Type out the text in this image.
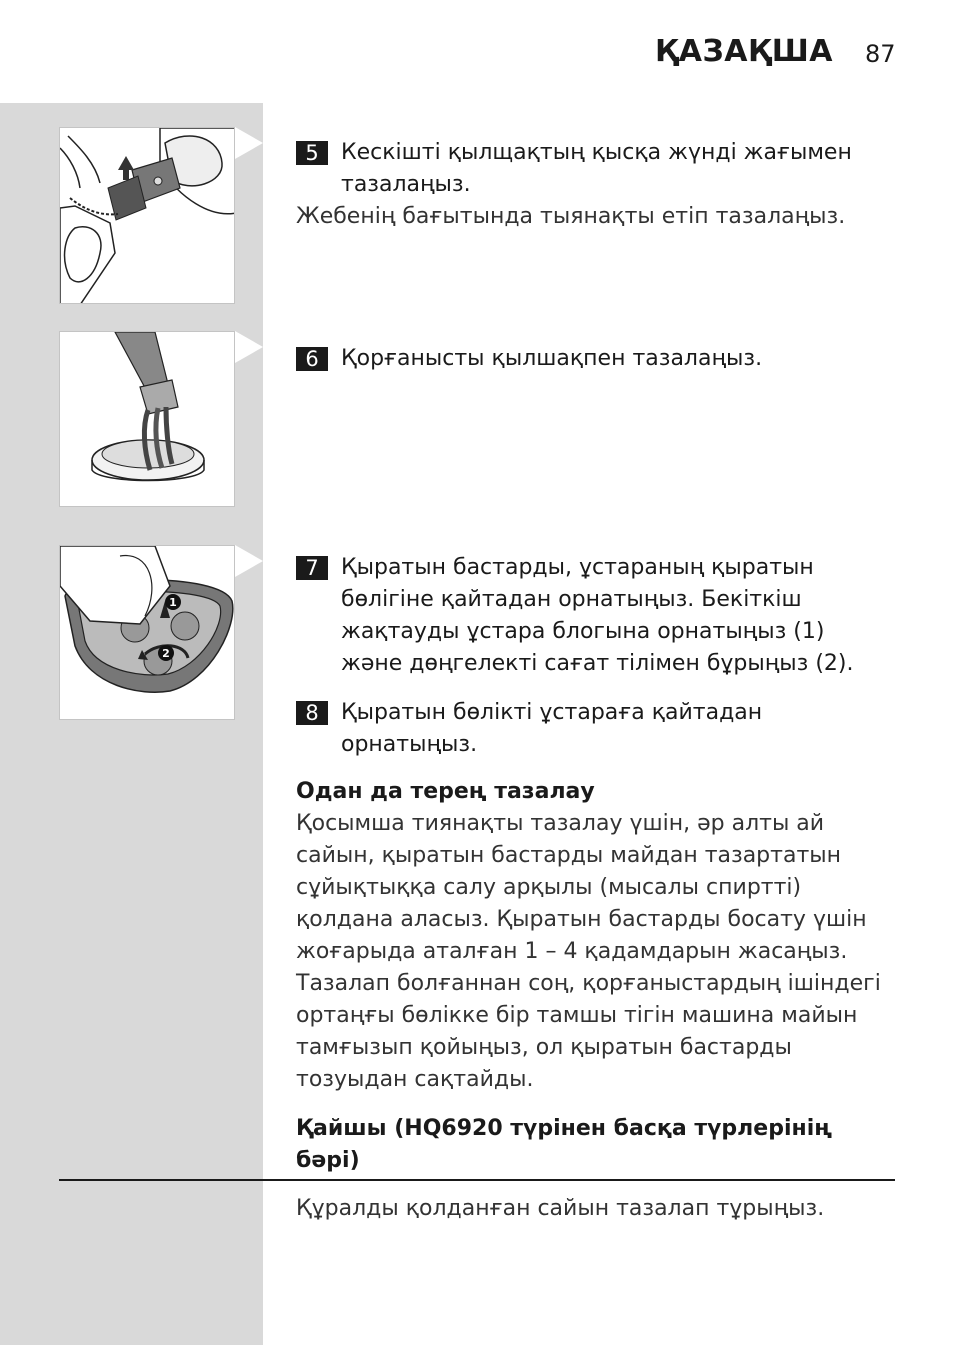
ҚАЗАҚША 87
5	Кескішті қылщақтың қысқа жүнді жағымен тазалаңыз.
Жебенің бағытында тыянақты етіп тазалаңыз.
6	Қорғанысты қылшақпен тазалаңыз.
1
2
7	Қыратын бастарды, ұстараның қыратын бөлігіне қайтадан орнатыңыз. Бекіткіш жақтауды ұстара блогына орнатыңыз (1) және дөңгелекті сағат тілімен бұрыңыз (2).
8	Қыратын бөлікті ұстараға қайтадан орнатыңыз.
Одан да терең тазалау
Қосымша тиянақты тазалау үшін, әр алты ай сайын, қыратын бастарды майдан тазартатын сұйықтыққа салу арқылы (мысалы спиртті) қолдана аласыз. Қыратын бастарды босату үшін жоғарыда аталған 1 – 4 қадамдарын жасаңыз. Тазалап болғаннан соң, қорғаныстардың ішіндегі ортаңғы бөлікке бір тамшы тігін машина майын тамғызып қойыңыз, ол қыратын бастарды тозуыдан сақтайды.
Қайшы (HQ6920 түрінен басқа түрлерінің бәрі)
Құралды қолданған сайын тазалап тұрыңыз.
